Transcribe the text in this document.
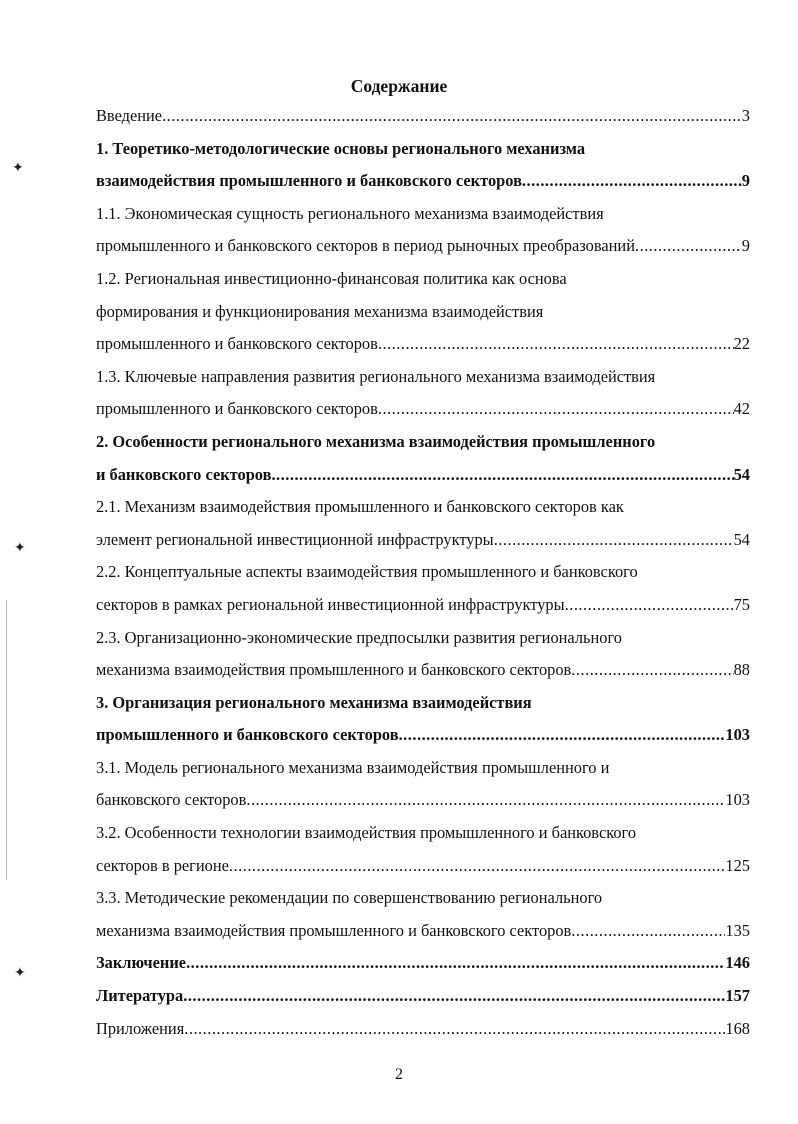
Содержание
Введение .....	3
1. Теоретико-методологические основы регионального механизма
взаимодействия промышленного и банковского секторов .....	9
1.1. Экономическая сущность регионального механизма взаимодействия
промышленного и банковского секторов в период рыночных преобразований .....	9
1.2. Региональная инвестиционно-финансовая политика как основа
формирования и функционирования механизма взаимодействия
промышленного и банковского секторов .....	22
1.3. Ключевые направления развития регионального механизма взаимодействия
промышленного и банковского секторов .....	42
2. Особенности регионального механизма взаимодействия промышленного
и банковского секторов .....	54
2.1. Механизм взаимодействия промышленного и банковского секторов как
элемент региональной инвестиционной инфраструктуры .....	54
2.2. Концептуальные аспекты взаимодействия промышленного и банковского
секторов в рамках региональной инвестиционной инфраструктуры .....	75
2.3. Организационно-экономические предпосылки развития регионального
механизма взаимодействия промышленного и банковского секторов .....	88
3. Организация регионального механизма взаимодействия
промышленного и банковского секторов .....	103
3.1. Модель регионального механизма взаимодействия промышленного и
банковского секторов .....	103
3.2. Особенности технологии взаимодействия промышленного и банковского
секторов в регионе .....	125
3.3. Методические рекомендации по совершенствованию регионального
механизма взаимодействия промышленного и банковского секторов .....	135
Заключение .....	146
Литература .....	157
Приложения .....	168
2
✦
✦
✦
